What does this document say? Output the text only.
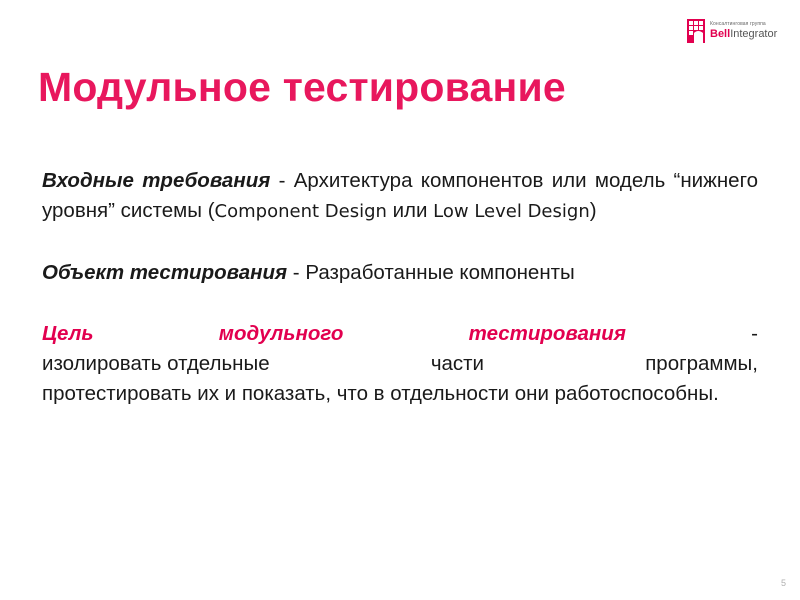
Консалтинговая группа
BellIntegrator
Модульное тестирование

Входные требования - Архитектура компонентов или модель “нижнего уровня” системы (Component Design или Low Level Design)

Объект тестирования - Разработанные компоненты

Цель	модульного	тестирования	-
изолировать отдельные	части	программы,
протестировать их и показать, что в отдельности они работоспособны.
5
